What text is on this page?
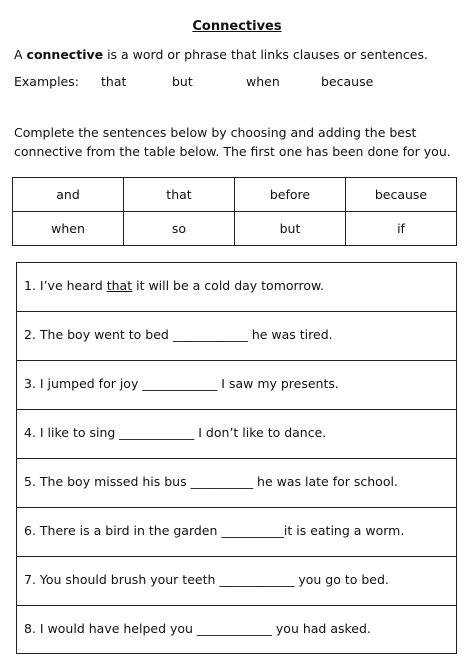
Connectives
A connective is a word or phrase that links clauses or sentences.
Examples: that	but	when	because
Complete the sentences below by choosing and adding the best connective from the table below. The first one has been done for you.
and	that	before	because
when	so	but	if
1. I’ve heard that it will be a cold day tomorrow.
2. The boy went to bed ____________ he was tired.
3. I jumped for joy ____________ I saw my presents.
4. I like to sing ____________ I don’t like to dance.
5. The boy missed his bus __________ he was late for school.
6. There is a bird in the garden __________it is eating a worm.
7. You should brush your teeth ____________ you go to bed.
8. I would have helped you ____________ you had asked.
